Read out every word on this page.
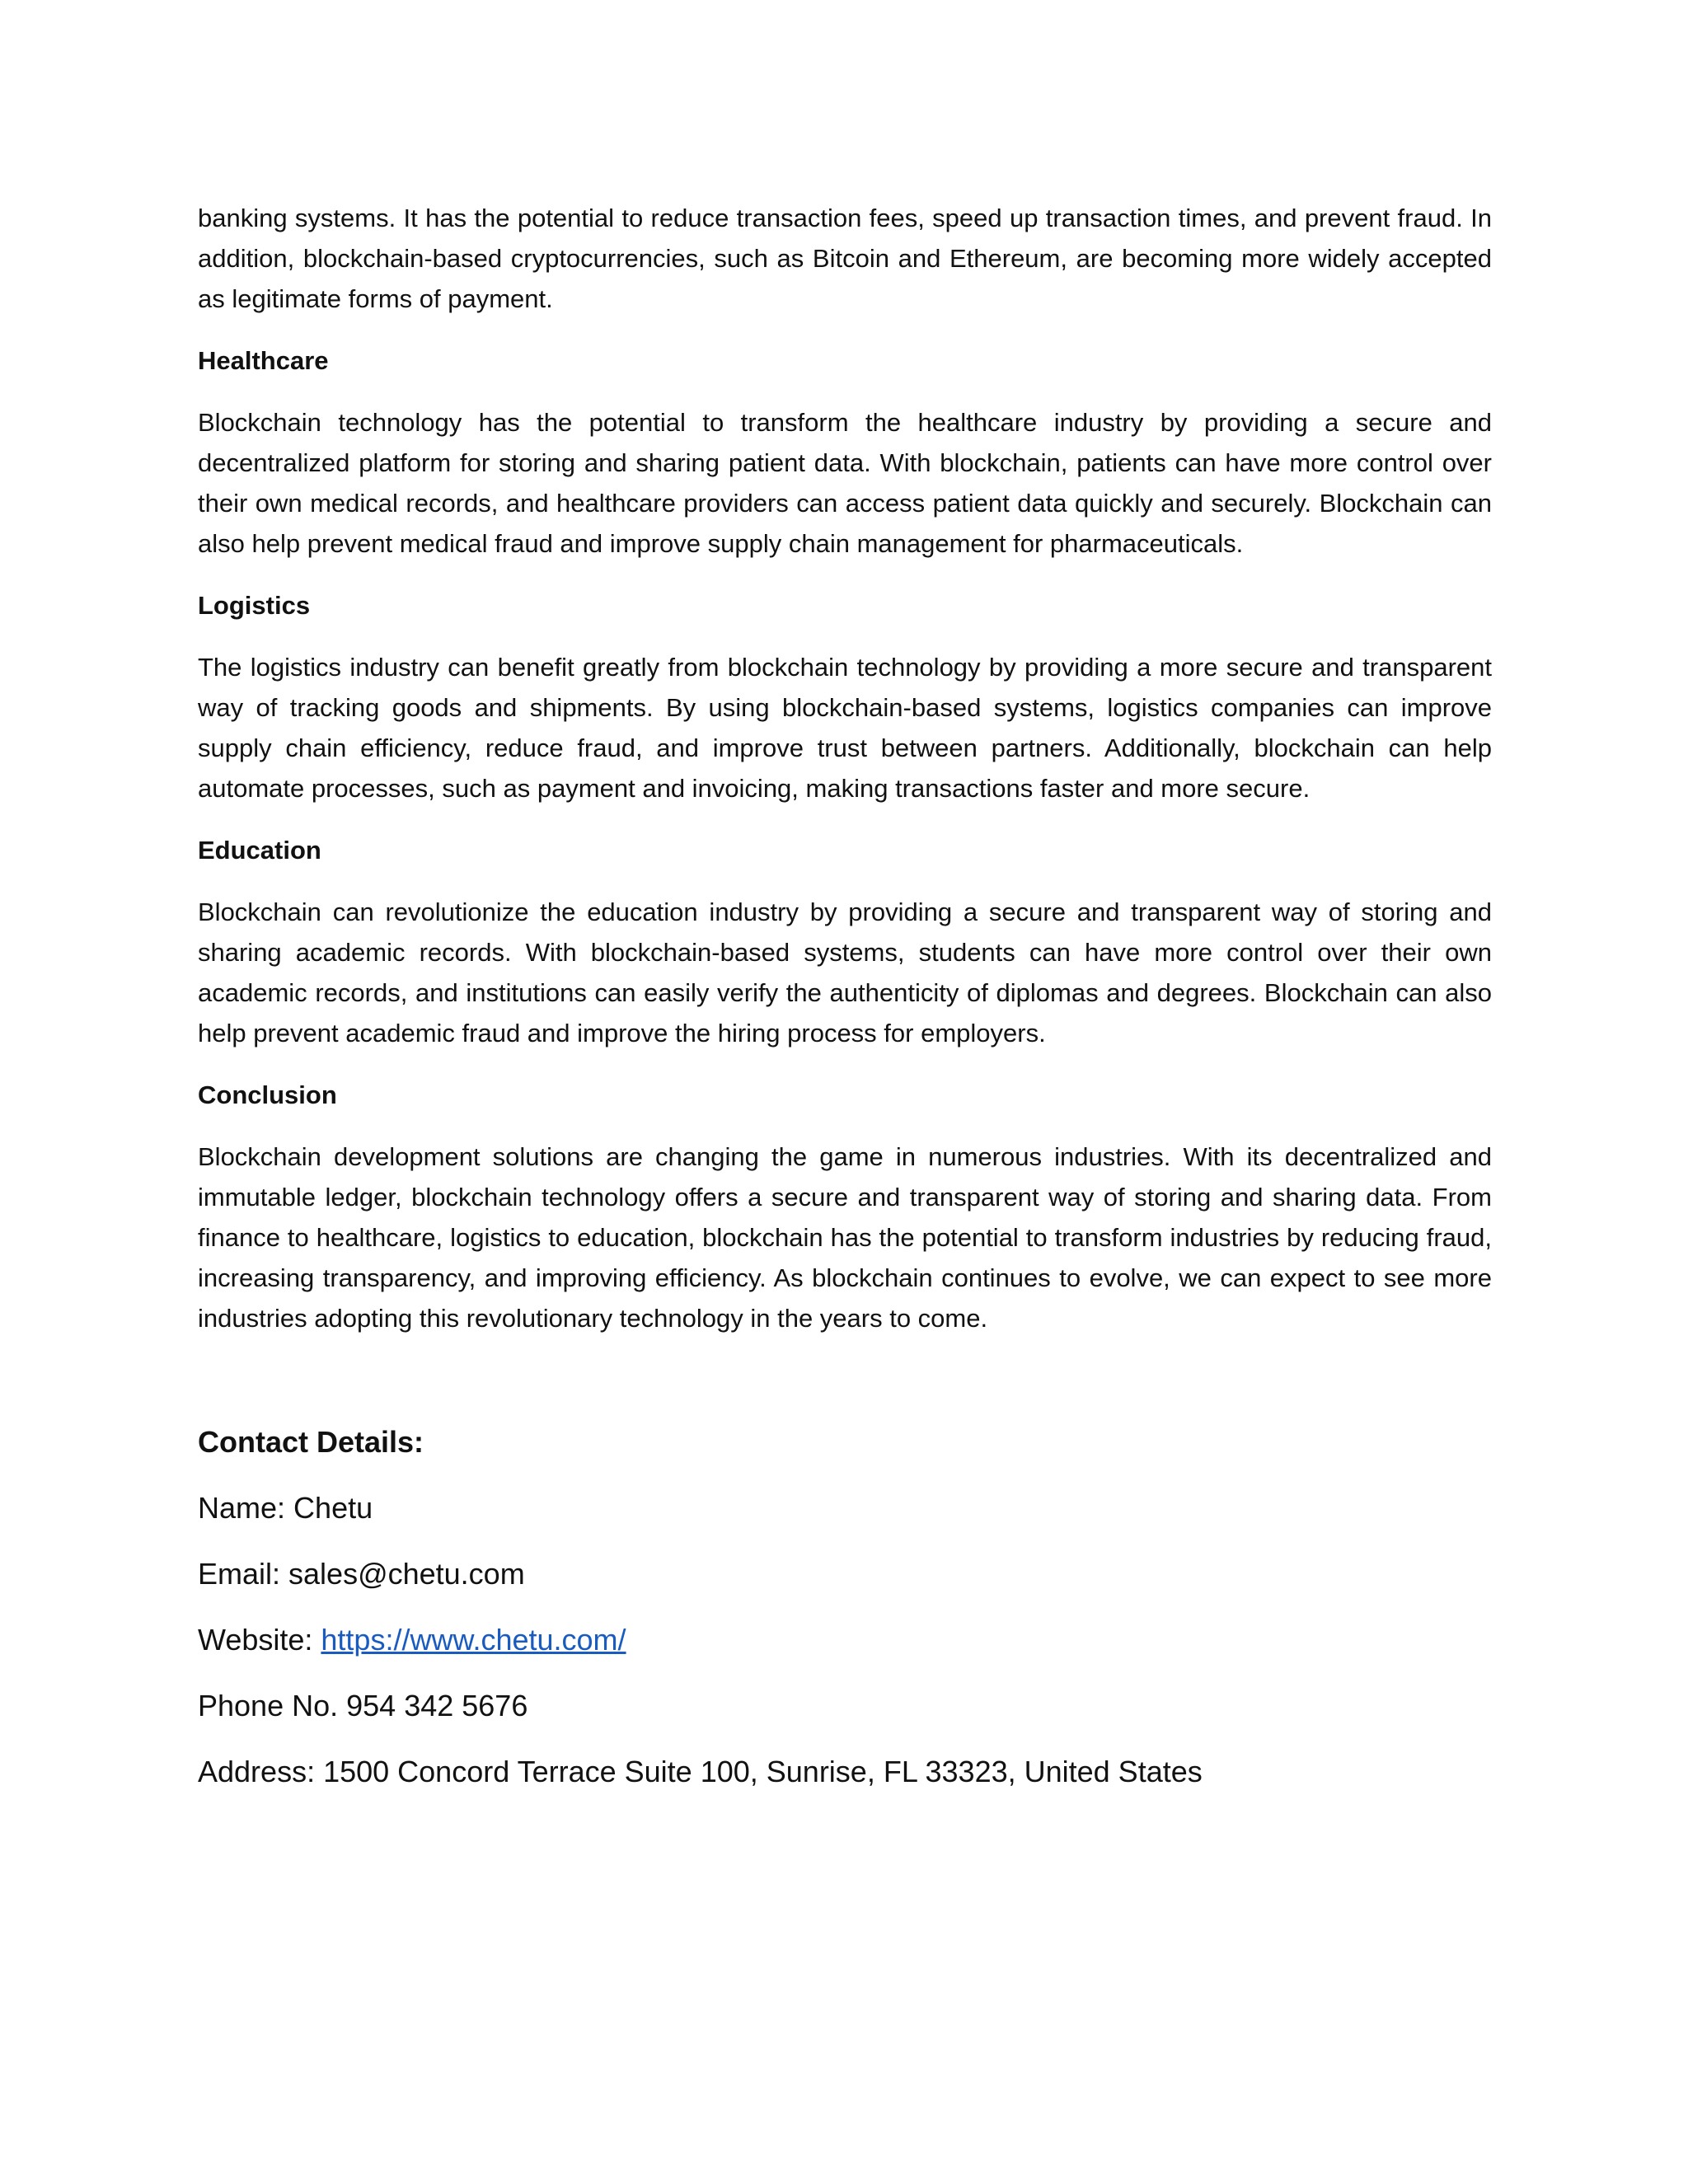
banking systems. It has the potential to reduce transaction fees, speed up transaction times, and prevent fraud. In addition, blockchain-based cryptocurrencies, such as Bitcoin and Ethereum, are becoming more widely accepted as legitimate forms of payment.

Healthcare

Blockchain technology has the potential to transform the healthcare industry by providing a secure and decentralized platform for storing and sharing patient data. With blockchain, patients can have more control over their own medical records, and healthcare providers can access patient data quickly and securely. Blockchain can also help prevent medical fraud and improve supply chain management for pharmaceuticals.

Logistics

The logistics industry can benefit greatly from blockchain technology by providing a more secure and transparent way of tracking goods and shipments. By using blockchain-based systems, logistics companies can improve supply chain efficiency, reduce fraud, and improve trust between partners. Additionally, blockchain can help automate processes, such as payment and invoicing, making transactions faster and more secure.

Education

Blockchain can revolutionize the education industry by providing a secure and transparent way of storing and sharing academic records. With blockchain-based systems, students can have more control over their own academic records, and institutions can easily verify the authenticity of diplomas and degrees. Blockchain can also help prevent academic fraud and improve the hiring process for employers.

Conclusion

Blockchain development solutions are changing the game in numerous industries. With its decentralized and immutable ledger, blockchain technology offers a secure and transparent way of storing and sharing data. From finance to healthcare, logistics to education, blockchain has the potential to transform industries by reducing fraud, increasing transparency, and improving efficiency. As blockchain continues to evolve, we can expect to see more industries adopting this revolutionary technology in the years to come.

Contact Details:

Name: Chetu

Email: sales@chetu.com

Website: https://www.chetu.com/

Phone No. 954 342 5676

Address: 1500 Concord Terrace Suite 100, Sunrise, FL 33323, United States
